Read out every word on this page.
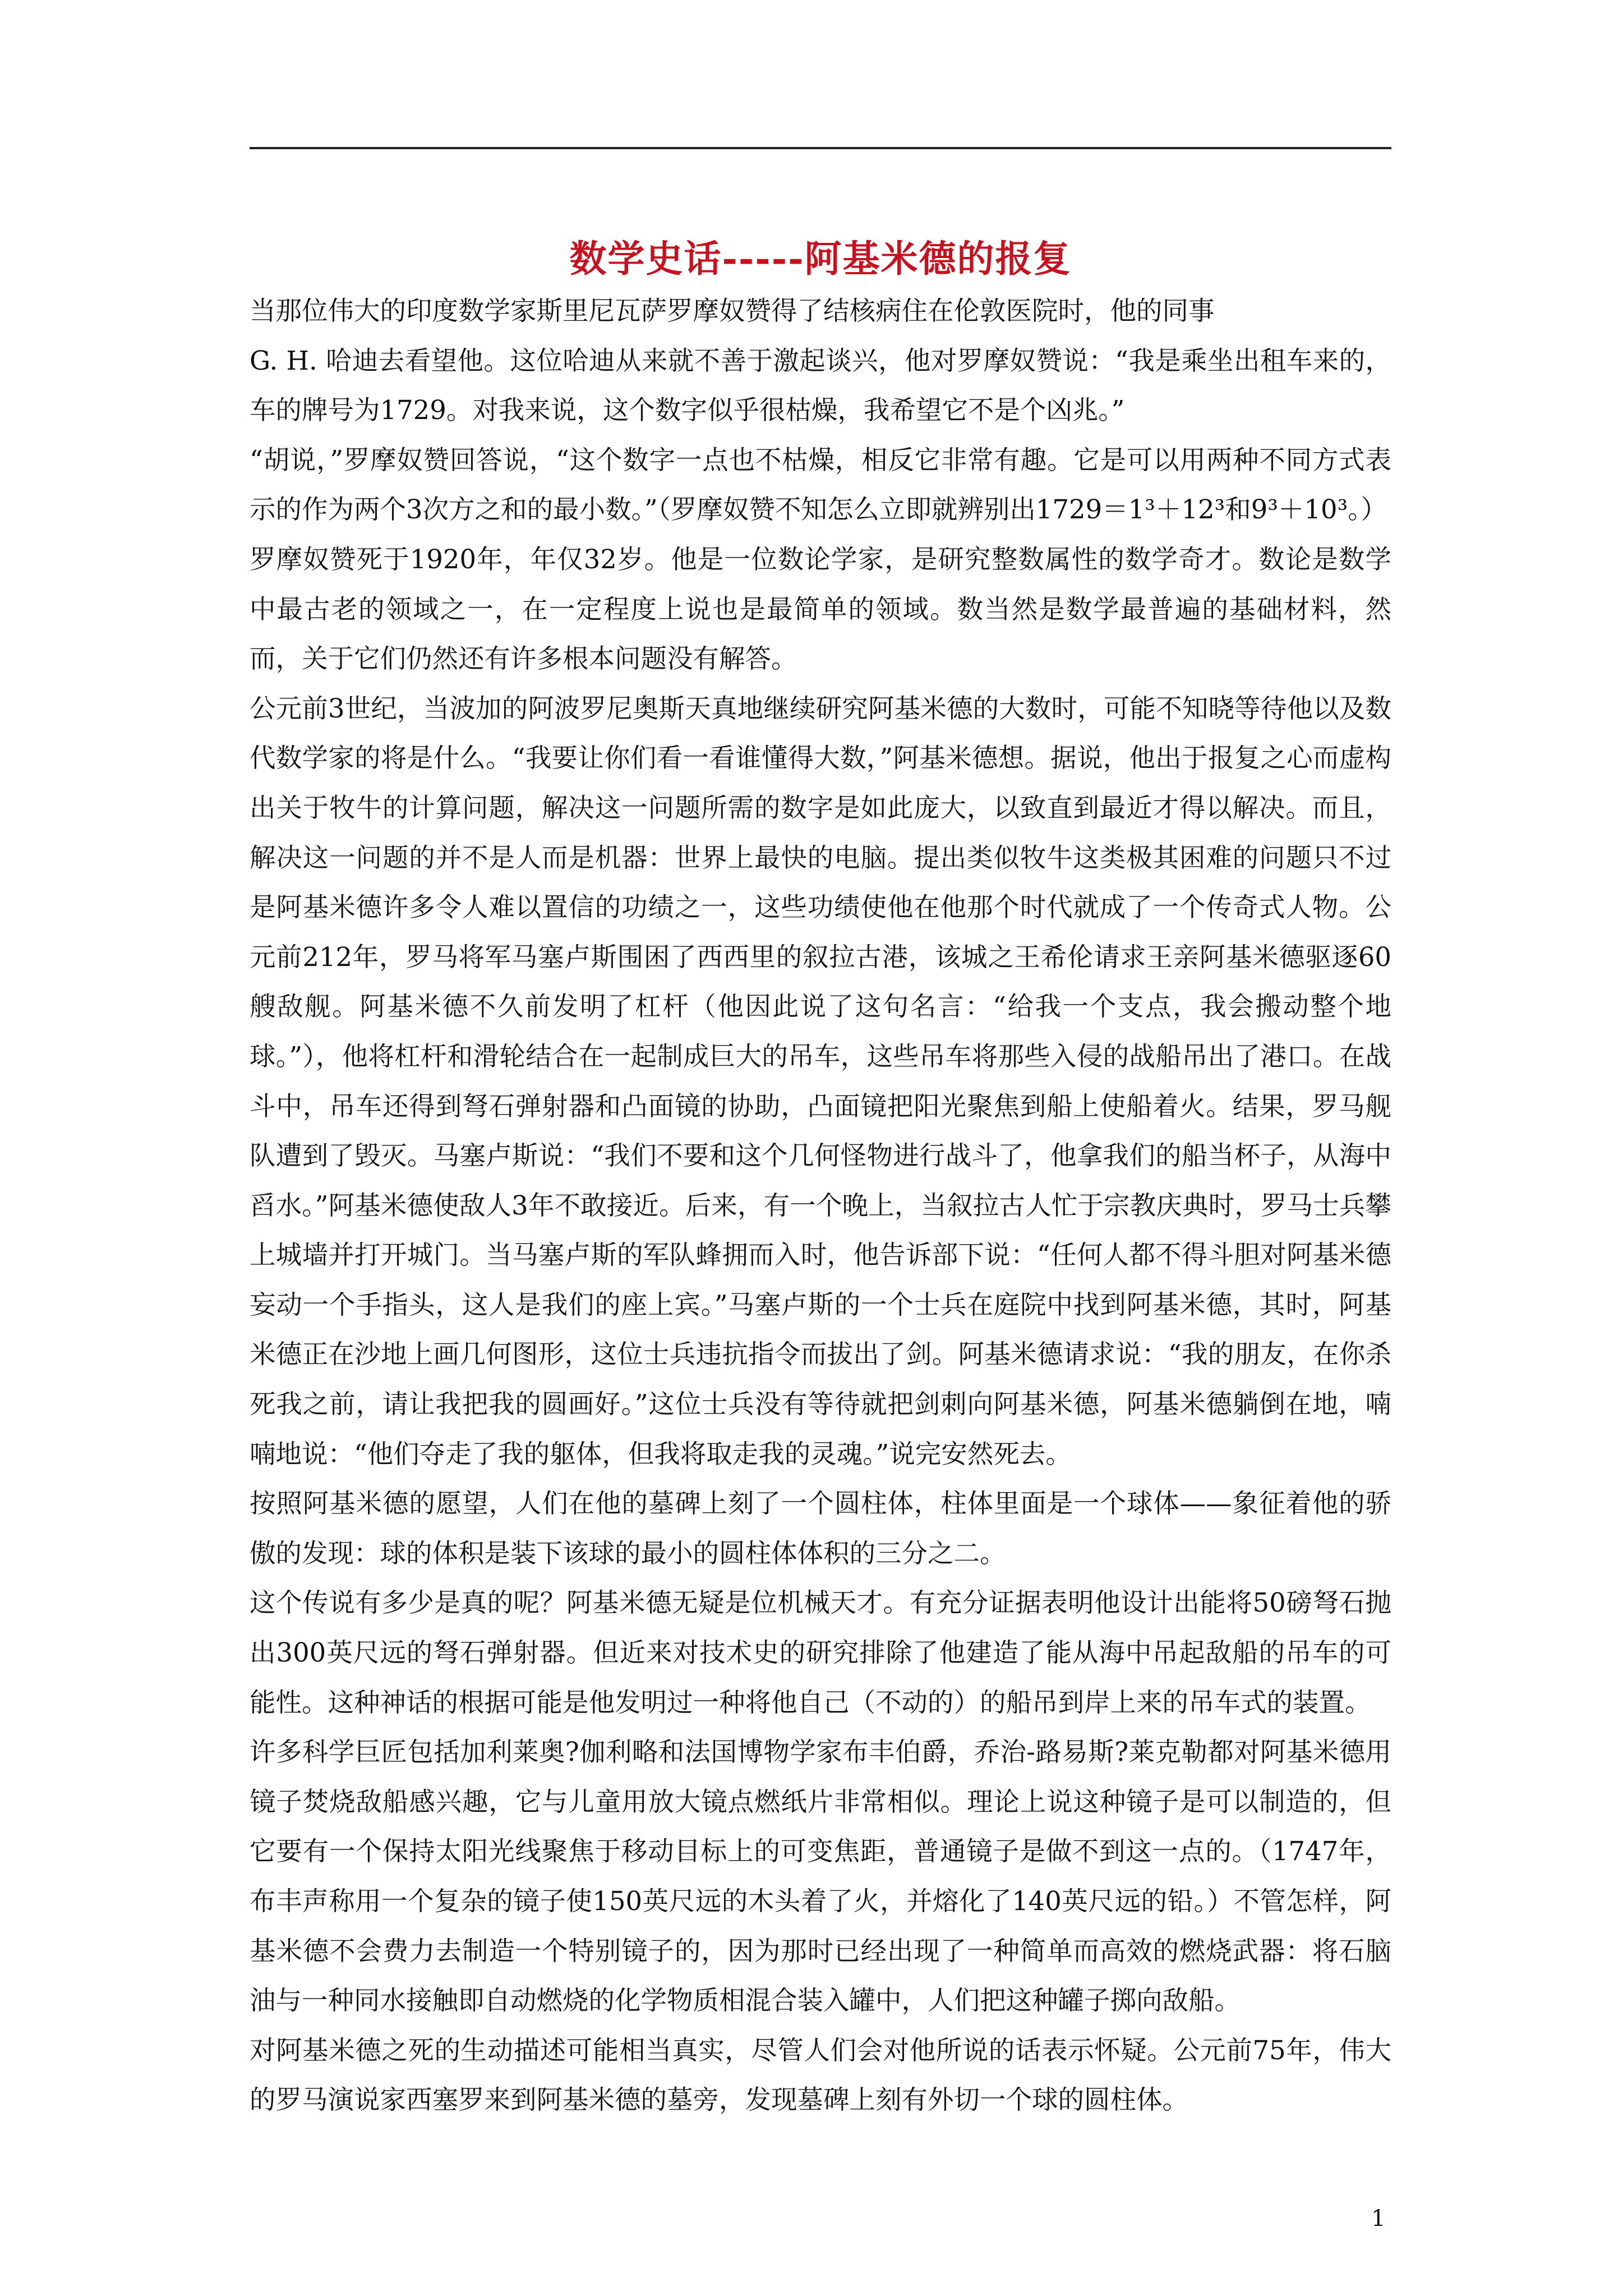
数学史话-----阿基米德的报复

当那位伟大的印度数学家斯里尼瓦萨罗摩奴赞得了结核病住在伦敦医院时，他的同事

G. H. 哈迪去看望他。这位哈迪从来就不善于激起谈兴，他对罗摩奴赞说：“我是乘坐出租车来的，车的牌号为1729。对我来说，这个数字似乎很枯燥，我希望它不是个凶兆。”

“胡说，”罗摩奴赞回答说，“这个数字一点也不枯燥，相反它非常有趣。它是可以用两种不同方式表示的作为两个3次方之和的最小数。”（罗摩奴赞不知怎么立即就辨别出1729＝1³＋12³和9³＋10³。）

罗摩奴赞死于1920年，年仅32岁。他是一位数论学家，是研究整数属性的数学奇才。数论是数学中最古老的领域之一，在一定程度上说也是最简单的领域。数当然是数学最普遍的基础材料，然而，关于它们仍然还有许多根本问题没有解答。

公元前3世纪，当波加的阿波罗尼奥斯天真地继续研究阿基米德的大数时，可能不知晓等待他以及数代数学家的将是什么。“我要让你们看一看谁懂得大数，”阿基米德想。据说，他出于报复之心而虚构出关于牧牛的计算问题，解决这一问题所需的数字是如此庞大，以致直到最近才得以解决。而且，解决这一问题的并不是人而是机器：世界上最快的电脑。提出类似牧牛这类极其困难的问题只不过是阿基米德许多令人难以置信的功绩之一，这些功绩使他在他那个时代就成了一个传奇式人物。公元前212年，罗马将军马塞卢斯围困了西西里的叙拉古港，该城之王希伦请求王亲阿基米德驱逐60艘敌舰。阿基米德不久前发明了杠杆（他因此说了这句名言：“给我一个支点，我会搬动整个地球。”），他将杠杆和滑轮结合在一起制成巨大的吊车，这些吊车将那些入侵的战船吊出了港口。在战斗中，吊车还得到弩石弹射器和凸面镜的协助，凸面镜把阳光聚焦到船上使船着火。结果，罗马舰队遭到了毁灭。马塞卢斯说：“我们不要和这个几何怪物进行战斗了，他拿我们的船当杯子，从海中舀水。”阿基米德使敌人3年不敢接近。后来，有一个晚上，当叙拉古人忙于宗教庆典时，罗马士兵攀上城墙并打开城门。当马塞卢斯的军队蜂拥而入时，他告诉部下说：“任何人都不得斗胆对阿基米德妄动一个手指头，这人是我们的座上宾。”马塞卢斯的一个士兵在庭院中找到阿基米德，其时，阿基米德正在沙地上画几何图形，这位士兵违抗指令而拔出了剑。阿基米德请求说：“我的朋友，在你杀死我之前，请让我把我的圆画好。”这位士兵没有等待就把剑刺向阿基米德，阿基米德躺倒在地，喃喃地说：“他们夺走了我的躯体，但我将取走我的灵魂。”说完安然死去。

按照阿基米德的愿望，人们在他的墓碑上刻了一个圆柱体，柱体里面是一个球体——象征着他的骄傲的发现：球的体积是装下该球的最小的圆柱体体积的三分之二。

这个传说有多少是真的呢？阿基米德无疑是位机械天才。有充分证据表明他设计出能将50磅弩石抛出300英尺远的弩石弹射器。但近来对技术史的研究排除了他建造了能从海中吊起敌船的吊车的可能性。这种神话的根据可能是他发明过一种将他自己（不动的）的船吊到岸上来的吊车式的装置。

许多科学巨匠包括加利莱奥?伽利略和法国博物学家布丰伯爵，乔治-路易斯?莱克勒都对阿基米德用镜子焚烧敌船感兴趣，它与儿童用放大镜点燃纸片非常相似。理论上说这种镜子是可以制造的，但它要有一个保持太阳光线聚焦于移动目标上的可变焦距，普通镜子是做不到这一点的。（1747年，布丰声称用一个复杂的镜子使150英尺远的木头着了火，并熔化了140英尺远的铅。）不管怎样，阿基米德不会费力去制造一个特别镜子的，因为那时已经出现了一种简单而高效的燃烧武器：将石脑油与一种同水接触即自动燃烧的化学物质相混合装入罐中，人们把这种罐子掷向敌船。

对阿基米德之死的生动描述可能相当真实，尽管人们会对他所说的话表示怀疑。公元前75年，伟大的罗马演说家西塞罗来到阿基米德的墓旁，发现墓碑上刻有外切一个球的圆柱体。

1
